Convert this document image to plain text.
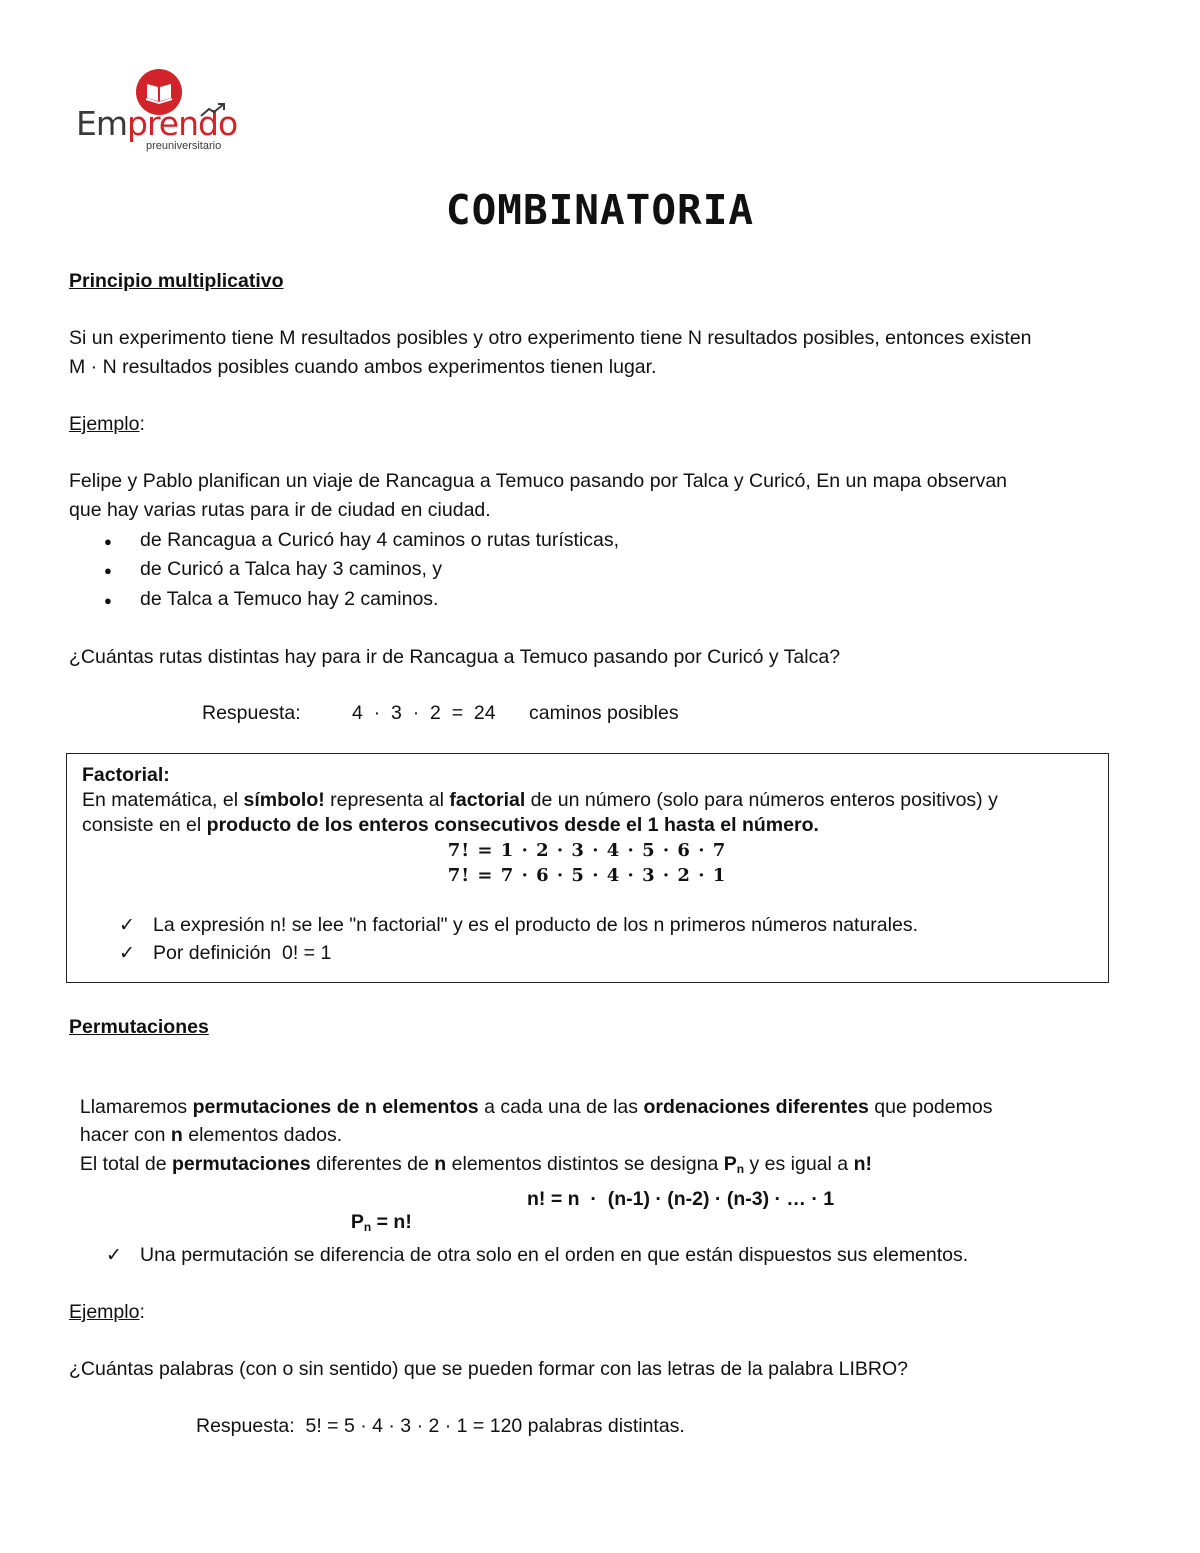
Emprendo
preuniversitario
COMBINATORIA
Principio multiplicativo
Si un experimento tiene M resultados posibles y otro experimento tiene N resultados posibles, entonces existen
M · N resultados posibles cuando ambos experimentos tienen lugar.
Ejemplo:
Felipe y Pablo planifican un viaje de Rancagua a Temuco pasando por Talca y Curicó, En un mapa observan
que hay varias rutas para ir de ciudad en ciudad.
● de Rancagua a Curicó hay 4 caminos o rutas turísticas,
● de Curicó a Talca hay 3 caminos, y
● de Talca a Temuco hay 2 caminos.
¿Cuántas rutas distintas hay para ir de Rancagua a Temuco pasando por Curicó y Talca?
Respuesta:	4  ·  3  ·  2  =  24 caminos posibles
Factorial:
En matemática, el símbolo! representa al factorial de un número (solo para números enteros positivos) y
consiste en el producto de los enteros consecutivos desde el 1 hasta el número.
7! = 1 · 2 · 3 · 4 · 5 · 6 · 7
7! = 7 · 6 · 5 · 4 · 3 · 2 · 1
✓ La expresión n! se lee "n factorial" y es el producto de los n primeros números naturales.
✓ Por definición  0! = 1
Permutaciones

Llamaremos permutaciones de n elementos a cada una de las ordenaciones diferentes que podemos

hacer con n elementos dados.

El total de permutaciones diferentes de n elementos distintos se designa $P_n$ y es igual a n!

$P_n = n$!

n! = n  ·  (n-1) · (n-2) · (n-3) · … · 1
✓ Una permutación se diferencia de otra solo en el orden en que están dispuestos sus elementos.
Ejemplo:
¿Cuántas palabras (con o sin sentido) que se pueden formar con las letras de la palabra LIBRO?
Respuesta:  5! = 5 · 4 · 3 · 2 · 1 = 120 palabras distintas.
